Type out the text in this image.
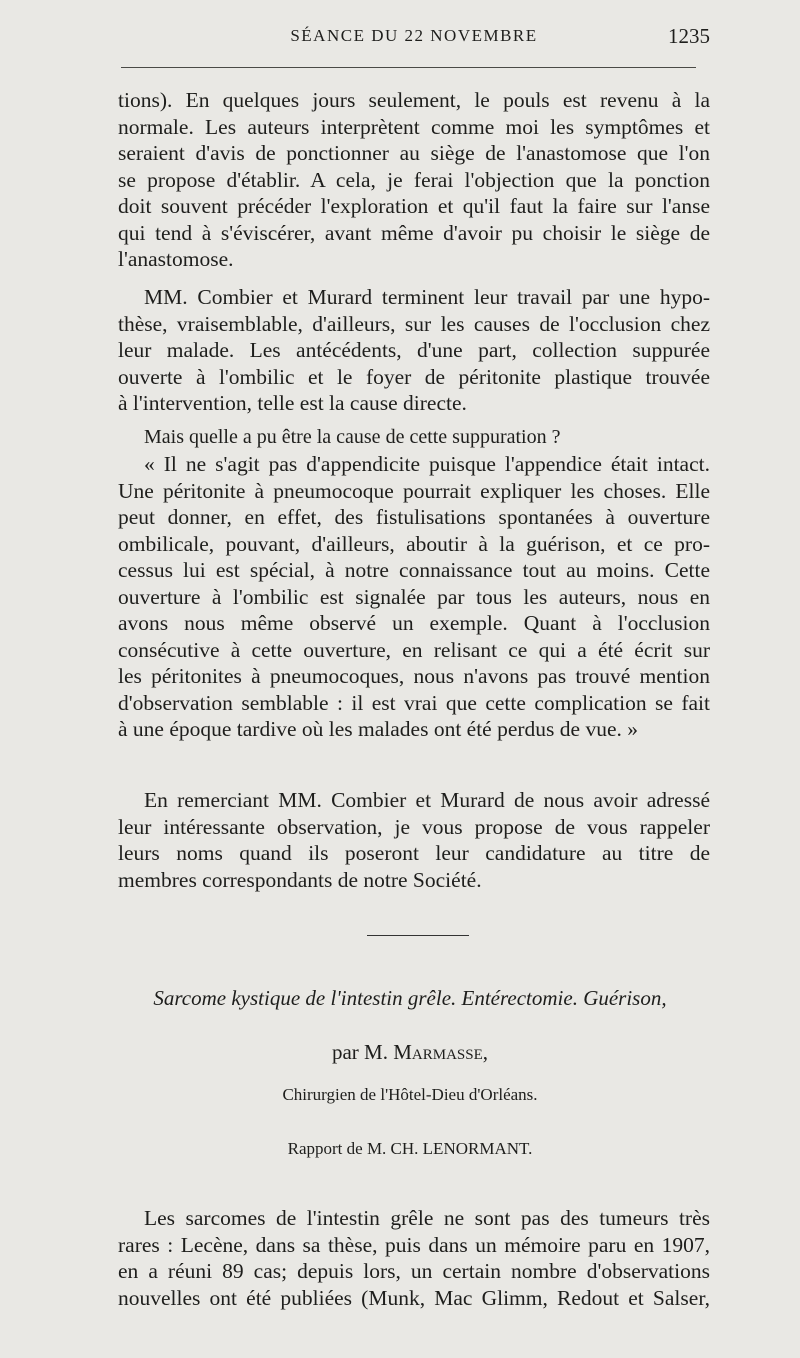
SÉANCE DU 22 NOVEMBRE	1235
tions). En quelques jours seulement, le pouls est revenu à la
normale. Les auteurs interprètent comme moi les symptômes et
seraient d'avis de ponctionner au siège de l'anastomose que l'on
se propose d'établir. A cela, je ferai l'objection que la ponction
doit souvent précéder l'exploration et qu'il faut la faire sur l'anse
qui tend à s'éviscérer, avant même d'avoir pu choisir le siège de
l'anastomose.
MM. Combier et Murard terminent leur travail par une hypo-
thèse, vraisemblable, d'ailleurs, sur les causes de l'occlusion chez
leur malade. Les antécédents, d'une part, collection suppurée
ouverte à l'ombilic et le foyer de péritonite plastique trouvée
à l'intervention, telle est la cause directe.
Mais quelle a pu être la cause de cette suppuration ?
« Il ne s'agit pas d'appendicite puisque l'appendice était intact.
Une péritonite à pneumocoque pourrait expliquer les choses. Elle
peut donner, en effet, des fistulisations spontanées à ouverture
ombilicale, pouvant, d'ailleurs, aboutir à la guérison, et ce pro-
cessus lui est spécial, à notre connaissance tout au moins. Cette
ouverture à l'ombilic est signalée par tous les auteurs, nous en
avons nous même observé un exemple. Quant à l'occlusion
consécutive à cette ouverture, en relisant ce qui a été écrit sur
les péritonites à pneumocoques, nous n'avons pas trouvé mention
d'observation semblable : il est vrai que cette complication se fait
à une époque tardive où les malades ont été perdus de vue. »
En remerciant MM. Combier et Murard de nous avoir adressé
leur intéressante observation, je vous propose de vous rappeler
leurs noms quand ils poseront leur candidature au titre de
membres correspondants de notre Société.
Sarcome kystique de l'intestin grêle. Entérectomie. Guérison,
par M. Marmasse,
Chirurgien de l'Hôtel-Dieu d'Orléans.
Rapport de M. CH. LENORMANT.
Les sarcomes de l'intestin grêle ne sont pas des tumeurs très
rares : Lecène, dans sa thèse, puis dans un mémoire paru en 1907,
en a réuni 89 cas; depuis lors, un certain nombre d'observations
nouvelles ont été publiées (Munk, Mac Glimm, Redout et Salser,
